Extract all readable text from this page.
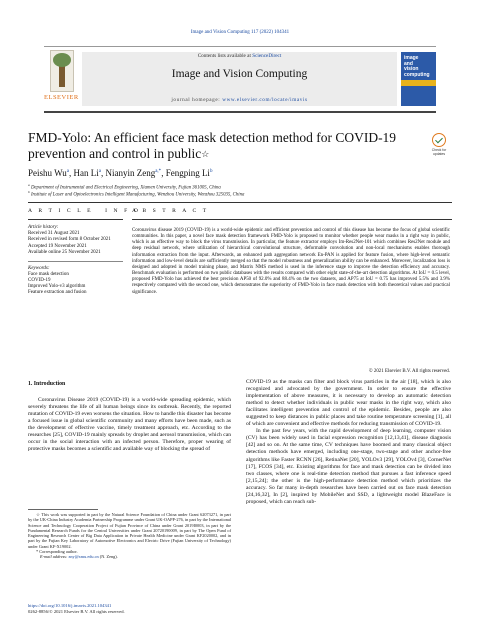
Image and Vision Computing 117 (2022) 104341
ELSEVIER
Contents lists available at ScienceDirect
Image and Vision Computing
journal homepage: www.elsevier.com/locate/imavis
image
and
vision
computing
FMD-Yolo: An efficient face mask detection method for COVID-19 prevention and control in public☆	Check for
updates
Peishu Wu$^a$, Han Li$^a$, Nianyin Zeng$^{a,*}$, Fengping Li$^b$
$^a$ Department of Instrumental and Electrical Engineering, Xiamen University, Fujian 361005, China
$^b$ Institute of Laser and Optoelectronics Intelligent Manufacturing, Wenzhou University, Wenzhou 325035, China
A R T I C L E   I N F O
A B S T R A C T
Article history:
Received 31 August 2021
Received in revised form 8 October 2021
Accepted 19 November 2021
Available online 25 November 2021
Keywords:
Face mask detection
COVID-19
Improved Yolo-v3 algorithm
Feature extraction and fusion
Coronavirus disease 2019 (COVID-19) is a world-wide epidemic and efficient prevention and control of this disease has become the focus of global scientific communities. In this paper, a novel face mask detection framework FMD-Yolo is proposed to monitor whether people wear masks in a right way in public, which is an effective way to block the virus transmission. In particular, the feature extractor employs Im-Res2Net-101 which combines Res2Net module and deep residual network, where utilization of hierarchical convolutional structure, deformable convolution and non-local mechanisms enables thorough information extraction from the input. Afterwards, an enhanced path aggregation network En-PAN is applied for feature fusion, where high-level semantic information and low-level details are sufficiently merged so that the model robustness and generalization ability can be enhanced. Moreover, localization loss is designed and adopted in model training phase, and Matrix NMS method is used in the inference stage to improve the detection efficiency and accuracy. Benchmark evaluation is performed on two public databases with the results compared with other eight state-of-the-art detection algorithms. At IoU = 0.5 level, proposed FMD-Yolo has achieved the best precision AP50 of 92.0% and 88.4% on the two datasets, and AP75 at IoU = 0.75 has improved 5.5% and 3.9% respectively compared with the second one, which demonstrates the superiority of FMD-Yolo in face mask detection with both theoretical values and practical significance.
© 2021 Elsevier B.V. All rights reserved.
1. Introduction

Coronavirus Disease 2019 (COVID-19) is a world-wide spreading epidemic, which severely threatens the life of all human beings since its outbreak. Recently, the reported mutation of COVID-19 even worsens the situation. How to handle this disaster has become a focused issue in global scientific community and many efforts have been made, such as the development of effective vaccine, timely treatment approach, etc. According to the researches [25], COVID-19 mainly spreads by droplet and aerosol transmission, which can occur in the social interaction with an infected person. Therefore, proper wearing of protective masks becomes a scientific and available way of blocking the spread of

COVID-19 as the masks can filter and block virus particles in the air [18], which is also recognized and advocated by the government. In order to ensure the effective implementation of above measures, it is necessary to develop an automatic detection method to detect whether individuals in public wear masks in the right way, which also facilitates intelligent prevention and control of the epidemic. Besides, people are also suggested to keep distances in public places and take routine temperature screening [1], all of which are convenient and effective methods for reducing transmission of COVID-19.

In the past few years, with the rapid development of deep learning, computer vision (CV) has been widely used in facial expression recognition [12,13,41], disease diagnosis [42] and so on. At the same time, CV techniques have boomed and many classical object detection methods have emerged, including one-stage, two-stage and other anchor-free algorithms like Faster RCNN [26], RetinaNet [20], YOLOv3 [29], YOLOv4 [3], CornerNet [17], FCOS [34], etc. Existing algorithms for face and mask detection can be divided into two classes, where one is real-time detection method that pursues a fast inference speed [2,15,24]; the other is the high-performance detection method which prioritizes the accuracy. So far many in-depth researches have been carried out on face mask detection [24,16,32], In [2], inspired by MobileNet and SSD, a lightweight model BlazeFace is proposed, which can reach sub-

☆ This work was supported in part by the Natural Science Foundation of China under Grant 62073271, in part by the UK-China Industry Academia Partnership Programme under Grant UK-OAPP-276, in part by the International Science and Technology Cooperation Project of Fujian Province of China under Grant 2019I0003, in part by the Fundamental Research Funds for the Central Universities under Grant 20720190009, in part by The Open Fund of Engineering Research Center of Big Data Application in Private Health Medicine under Grant KF2020002, and in part by the Fujian Key Laboratory of Automotive Electronics and Electric Drive (Fujian University of Technology) under Grant KF-X19002.
* Corresponding author.
E-mail address: zny@xmu.edu.cn (N. Zeng).
https://doi.org/10.1016/j.imavis.2021.104341
0262-8856/© 2021 Elsevier B.V. All rights reserved.
